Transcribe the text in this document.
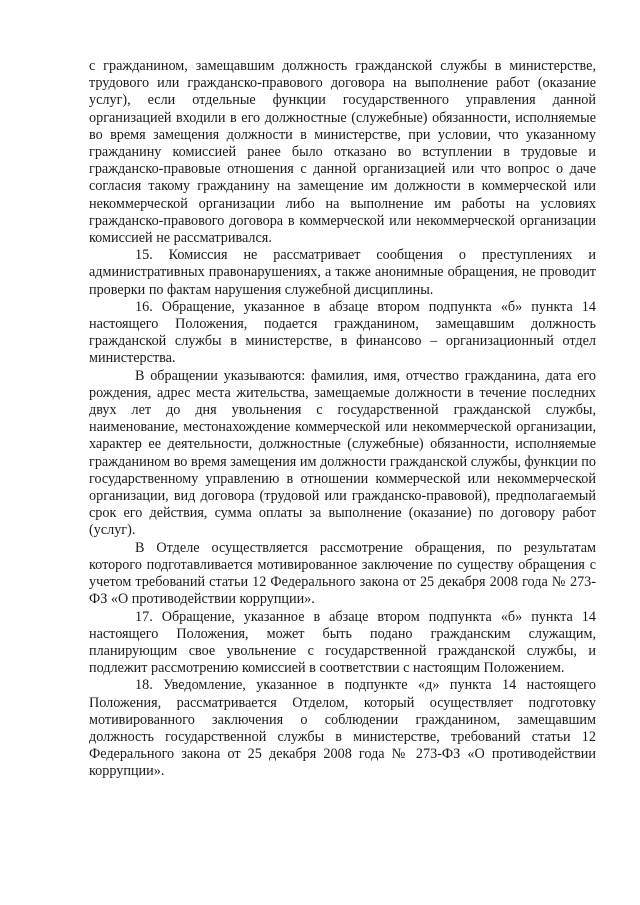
с гражданином, замещавшим должность гражданской службы в министерстве, трудового или гражданско-правового договора на выполнение работ (оказание услуг), если отдельные функции государственного управления данной организацией входили в его должностные (служебные) обязанности, исполняемые во время замещения должности в министерстве, при условии, что указанному гражданину комиссией ранее было отказано во вступлении в трудовые и гражданско-правовые отношения с данной организацией или что вопрос о даче согласия такому гражданину на замещение им должности в коммерческой или некоммерческой организации либо на выполнение им работы на условиях гражданско-правового договора в коммерческой или некоммерческой организации комиссией не рассматривался.

15. Комиссия не рассматривает сообщения о преступлениях и административных правонарушениях, а также анонимные обращения, не проводит проверки по фактам нарушения служебной дисциплины.

16. Обращение, указанное в абзаце втором подпункта «б» пункта 14 настоящего Положения, подается гражданином, замещавшим должность гражданской службы в министерстве, в финансово – организационный отдел министерства.

В обращении указываются: фамилия, имя, отчество гражданина, дата его рождения, адрес места жительства, замещаемые должности в течение последних двух лет до дня увольнения с государственной гражданской службы, наименование, местонахождение коммерческой или некоммерческой организации, характер ее деятельности, должностные (служебные) обязанности, исполняемые гражданином во время замещения им должности гражданской службы, функции по государственному управлению в отношении коммерческой или некоммерческой организации, вид договора (трудовой или гражданско-правовой), предполагаемый срок его действия, сумма оплаты за выполнение (оказание) по договору работ (услуг).

В Отделе осуществляется рассмотрение обращения, по результатам которого подготавливается мотивированное заключение по существу обращения с учетом требований статьи 12 Федерального закона от 25 декабря 2008 года № 273-ФЗ «О противодействии коррупции».

17. Обращение, указанное в абзаце втором подпункта «б» пункта 14 настоящего Положения, может быть подано гражданским служащим, планирующим свое увольнение с государственной гражданской службы, и подлежит рассмотрению комиссией в соответствии с настоящим Положением.

18. Уведомление, указанное в подпункте «д» пункта 14 настоящего Положения, рассматривается Отделом, который осуществляет подготовку мотивированного заключения о соблюдении гражданином, замещавшим должность государственной службы в министерстве, требований статьи 12 Федерального закона от 25 декабря 2008 года № 273-ФЗ «О противодействии коррупции».
